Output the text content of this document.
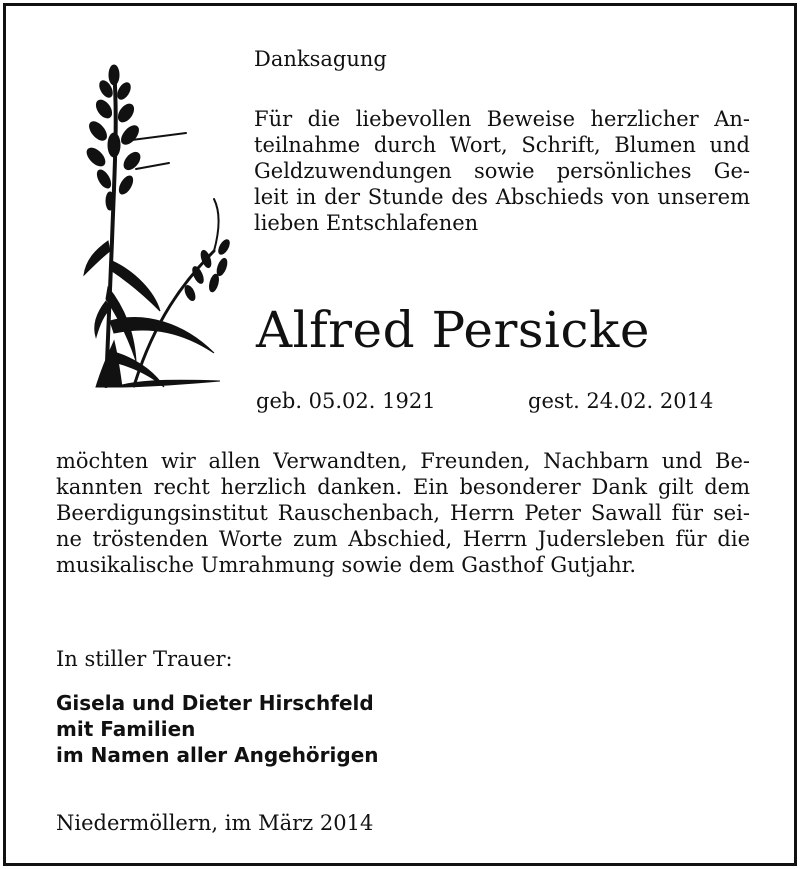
Danksagung
Für die liebevollen Beweise herzlicher An-
teilnahme durch Wort, Schrift, Blumen und
Geldzuwendungen sowie persönliches Ge-
leit in der Stunde des Abschieds von unserem
lieben Entschlafenen
Alfred Persicke
geb. 05.02. 1921	gest. 24.02. 2014
möchten wir allen Verwandten, Freunden, Nachbarn und Be-
kannten recht herzlich danken. Ein besonderer Dank gilt dem
Beerdigungsinstitut Rauschenbach, Herrn Peter Sawall für sei-
ne tröstenden Worte zum Abschied, Herrn Judersleben für die
musikalische Umrahmung sowie dem Gasthof Gutjahr.
In stiller Trauer:
Gisela und Dieter Hirschfeld
mit Familien
im Namen aller Angehörigen
Niedermöllern, im März 2014
